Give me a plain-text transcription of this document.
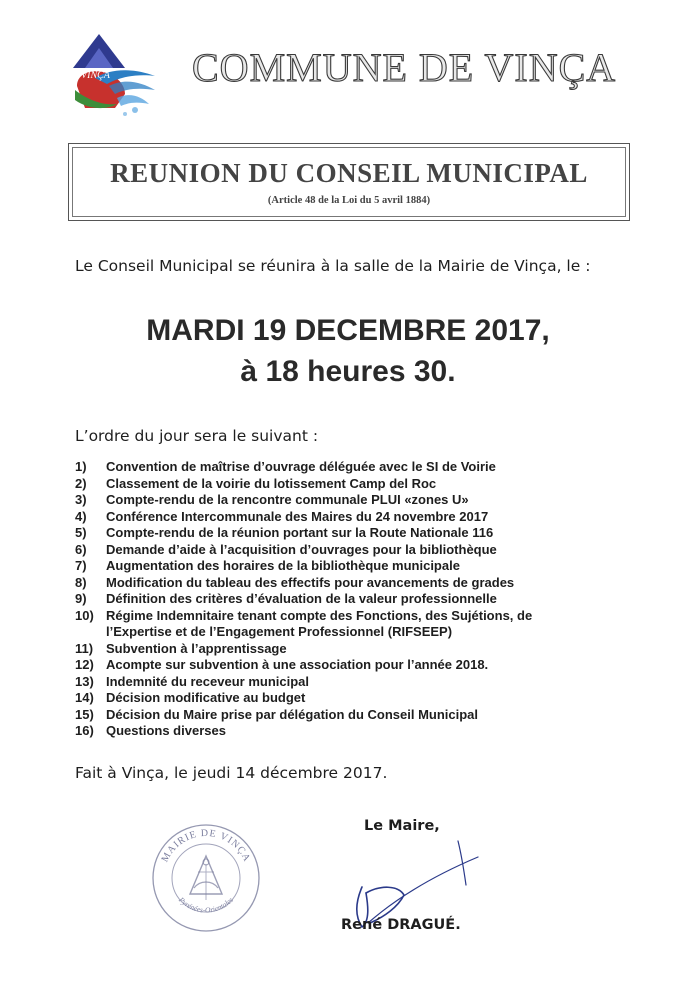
VINÇA COMMUNE DE VINÇA
REUNION DU CONSEIL MUNICIPAL
(Article 48 de la Loi du 5 avril 1884)
Le Conseil Municipal se réunira à la salle de la Mairie de Vinça, le :
MARDI 19 DECEMBRE 2017,
à 18 heures 30.
L’ordre du jour sera le suivant :
1)	Convention de maîtrise d’ouvrage déléguée avec le SI de Voirie
2)	Classement de la voirie du lotissement Camp del Roc
3)	Compte-rendu de la rencontre communale PLUI «zones U»
4)	Conférence Intercommunale des Maires du 24 novembre 2017
5)	Compte-rendu de la réunion portant sur la Route Nationale 116
6)	Demande d’aide à l’acquisition d’ouvrages pour la bibliothèque
7)	Augmentation des horaires de la bibliothèque municipale
8)	Modification du tableau des effectifs pour avancements de grades
9)	Définition des critères d’évaluation de la valeur professionnelle
10) Régime Indemnitaire tenant compte des Fonctions, des Sujétions, de
l’Expertise et de l’Engagement Professionnel (RIFSEEP)
11) Subvention à l’apprentissage
12) Acompte sur subvention à une association pour l’année 2018.
13) Indemnité du receveur municipal
14) Décision modificative au budget
15) Décision du Maire prise par délégation du Conseil Municipal
16) Questions diverses
Fait à Vinça, le jeudi 14 décembre 2017.
Le Maire,
MAIRIE DE VINÇA
Pyrénées-Orientales
René DRAGUÉ.
